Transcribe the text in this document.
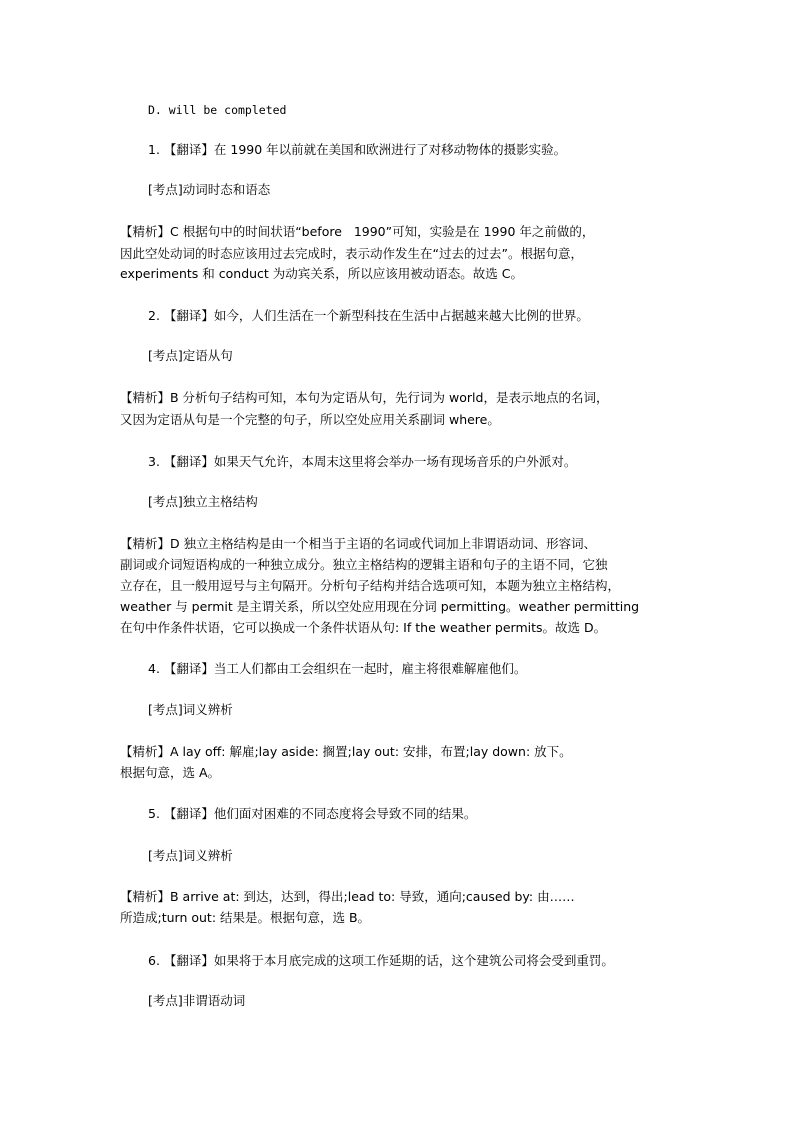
D. will be completed
1. 【翻译】在 1990 年以前就在美国和欧洲进行了对移动物体的摄影实验。
[考点]动词时态和语态
【精析】C 根据句中的时间状语“before   1990”可知，实验是在 1990 年之前做的，
因此空处动词的时态应该用过去完成时，表示动作发生在“过去的过去”。根据句意，
experiments 和 conduct 为动宾关系，所以应该用被动语态。故选 C。
2. 【翻译】如今，人们生活在一个新型科技在生活中占据越来越大比例的世界。
[考点]定语从句
【精析】B 分析句子结构可知，本句为定语从句，先行词为 world，是表示地点的名词，
又因为定语从句是一个完整的句子，所以空处应用关系副词 where。
3. 【翻译】如果天气允许，本周末这里将会举办一场有现场音乐的户外派对。
[考点]独立主格结构
【精析】D 独立主格结构是由一个相当于主语的名词或代词加上非谓语动词、形容词、
副词或介词短语构成的一种独立成分。独立主格结构的逻辑主语和句子的主语不同，它独
立存在，且一般用逗号与主句隔开。分析句子结构并结合选项可知，本题为独立主格结构，
weather 与 permit 是主谓关系，所以空处应用现在分词 permitting。weather permitting
在句中作条件状语，它可以换成一个条件状语从句: If the weather permits。故选 D。
4. 【翻译】当工人们都由工会组织在一起时，雇主将很难解雇他们。
[考点]词义辨析
【精析】A lay off: 解雇;lay aside: 搁置;lay out: 安排，布置;lay down: 放下。
根据句意，选 A。
5. 【翻译】他们面对困难的不同态度将会导致不同的结果。
[考点]词义辨析
【精析】B arrive at: 到达，达到，得出;lead to: 导致，通向;caused by: 由……
所造成;turn out: 结果是。根据句意，选 B。
6. 【翻译】如果将于本月底完成的这项工作延期的话，这个建筑公司将会受到重罚。
[考点]非谓语动词
